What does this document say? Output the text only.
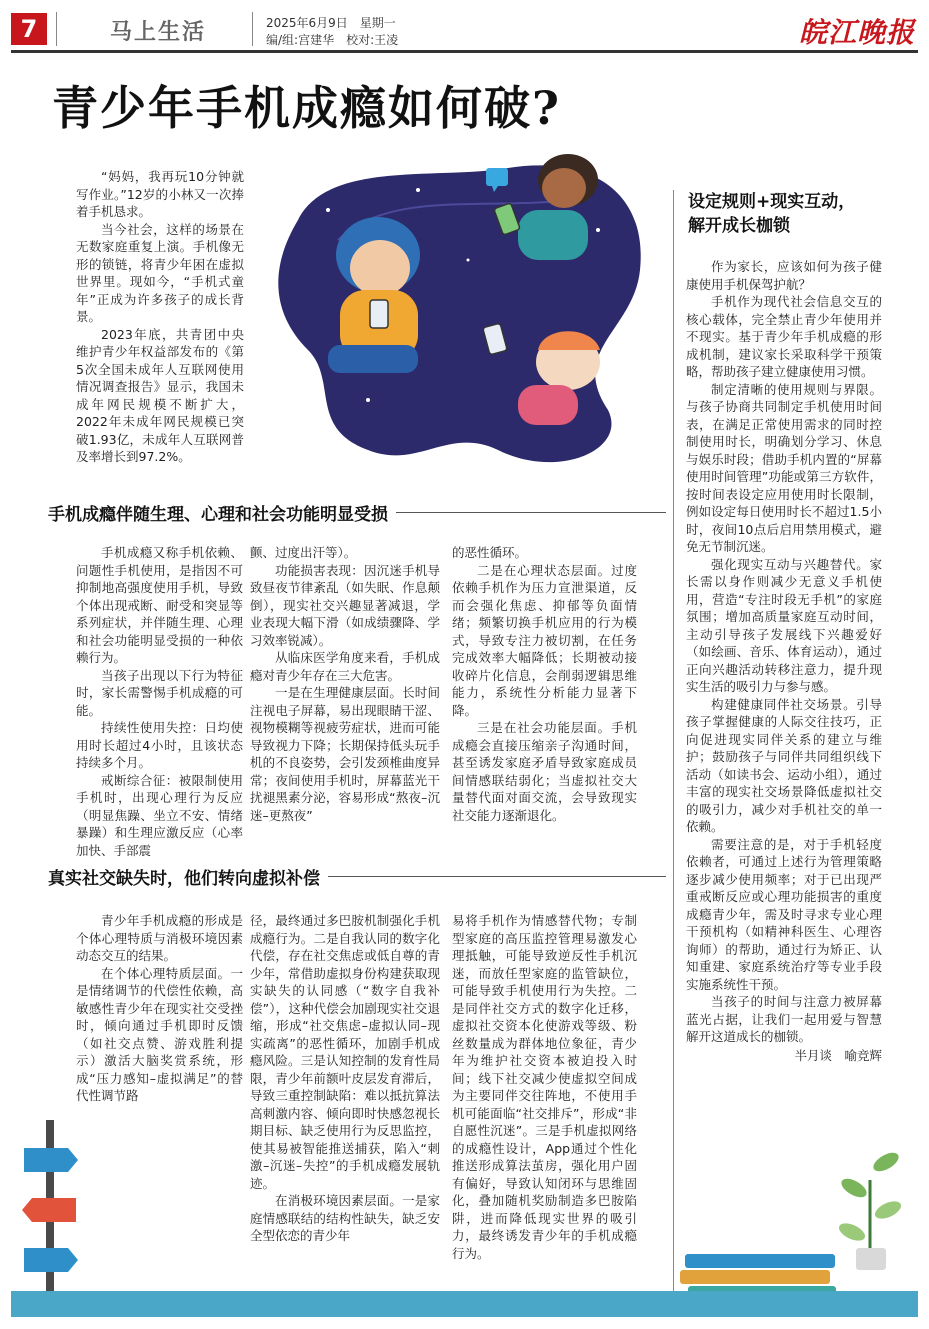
7	马上生活	2025年6月9日　星期一
编/组:宫建华　校对:王凌	皖江晚报
青少年手机成瘾如何破?

“妈妈，我再玩10分钟就写作业。”12岁的小林又一次捧着手机恳求。

当今社会，这样的场景在无数家庭重复上演。手机像无形的锁链，将青少年困在虚拟世界里。现如今，“手机式童年”正成为许多孩子的成长背景。

2023年底，共青团中央维护青少年权益部发布的《第5次全国未成年人互联网使用情况调查报告》显示，我国未成年网民规模不断扩大，2022年未成年网民规模已突破1.93亿，未成年人互联网普及率增长到97.2%。

手机成瘾伴随生理、心理和社会功能明显受损

手机成瘾又称手机依赖、问题性手机使用，是指因不可抑制地高强度使用手机，导致个体出现戒断、耐受和突显等系列症状，并伴随生理、心理和社会功能明显受损的一种依赖行为。

当孩子出现以下行为特征时，家长需警惕手机成瘾的可能。

持续性使用失控：日均使用时长超过4小时，且该状态持续多个月。

戒断综合征：被限制使用手机时，出现心理行为反应（明显焦躁、坐立不安、情绪暴躁）和生理应激反应（心率加快、手部震

颤、过度出汗等）。

功能损害表现：因沉迷手机导致昼夜节律紊乱（如失眠、作息颠倒），现实社交兴趣显著减退，学业表现大幅下滑（如成绩骤降、学习效率锐减）。

从临床医学角度来看，手机成瘾对青少年存在三大危害。

一是在生理健康层面。长时间注视电子屏幕，易出现眼睛干涩、视物模糊等视疲劳症状，进而可能导致视力下降；长期保持低头玩手机的不良姿势，会引发颈椎曲度异常；夜间使用手机时，屏幕蓝光干扰褪黑素分泌，容易形成“熬夜–沉迷–更熬夜”

的恶性循环。

二是在心理状态层面。过度依赖手机作为压力宣泄渠道，反而会强化焦虑、抑郁等负面情绪；频繁切换手机应用的行为模式，导致专注力被切割，在任务完成效率大幅降低；长期被动接收碎片化信息，会削弱逻辑思维能力，系统性分析能力显著下降。

三是在社会功能层面。手机成瘾会直接压缩亲子沟通时间，甚至诱发家庭矛盾导致家庭成员间情感联结弱化；当虚拟社交大量替代面对面交流，会导致现实社交能力逐渐退化。

真实社交缺失时，他们转向虚拟补偿

青少年手机成瘾的形成是个体心理特质与消极环境因素动态交互的结果。

在个体心理特质层面。一是情绪调节的代偿性依赖，高敏感性青少年在现实社交受挫时，倾向通过手机即时反馈（如社交点赞、游戏胜利提示）激活大脑奖赏系统，形成“压力感知–虚拟满足”的替代性调节路

径，最终通过多巴胺机制强化手机成瘾行为。二是自我认同的数字化代偿，存在社交焦虑或低自尊的青少年，常借助虚拟身份构建获取现实缺失的认同感（“数字自我补偿”），这种代偿会加剧现实社交退缩，形成“社交焦虑–虚拟认同–现实疏离”的恶性循环，加剧手机成瘾风险。三是认知控制的发育性局限，青少年前额叶皮层发育滞后，导致三重控制缺陷：难以抵抗算法高刺激内容、倾向即时快感忽视长期目标、缺乏使用行为反思监控，使其易被智能推送捕获，陷入“刺激–沉迷–失控”的手机成瘾发展轨迹。

在消极环境因素层面。一是家庭情感联结的结构性缺失，缺乏安全型依恋的青少年

易将手机作为情感替代物；专制型家庭的高压监控管理易激发心理抵触，可能导致逆反性手机沉迷，而放任型家庭的监管缺位，可能导致手机使用行为失控。二是同伴社交方式的数字化迁移，虚拟社交资本化使游戏等级、粉丝数量成为群体地位象征，青少年为维护社交资本被迫投入时间；线下社交减少使虚拟空间成为主要同伴交往阵地，不使用手机可能面临“社交排斥”，形成“非自愿性沉迷”。三是手机虚拟网络的成瘾性设计，App通过个性化推送形成算法茧房，强化用户固有偏好，导致认知闭环与思维固化，叠加随机奖励制造多巴胺陷阱，进而降低现实世界的吸引力，最终诱发青少年的手机成瘾行为。

设定规则+现实互动，
解开成长枷锁

作为家长，应该如何为孩子健康使用手机保驾护航？

手机作为现代社会信息交互的核心载体，完全禁止青少年使用并不现实。基于青少年手机成瘾的形成机制，建议家长采取科学干预策略，帮助孩子建立健康使用习惯。

制定清晰的使用规则与界限。与孩子协商共同制定手机使用时间表，在满足正常使用需求的同时控制使用时长，明确划分学习、休息与娱乐时段；借助手机内置的“屏幕使用时间管理”功能或第三方软件，按时间表设定应用使用时长限制，例如设定每日使用时长不超过1.5小时，夜间10点后启用禁用模式，避免无节制沉迷。

强化现实互动与兴趣替代。家长需以身作则减少无意义手机使用，营造“专注时段无手机”的家庭氛围；增加高质量家庭互动时间，主动引导孩子发展线下兴趣爱好（如绘画、音乐、体育运动），通过正向兴趣活动转移注意力，提升现实生活的吸引力与参与感。

构建健康同伴社交场景。引导孩子掌握健康的人际交往技巧，正向促进现实同伴关系的建立与维护；鼓励孩子与同伴共同组织线下活动（如读书会、运动小组），通过丰富的现实社交场景降低虚拟社交的吸引力，减少对手机社交的单一依赖。

需要注意的是，对于手机轻度依赖者，可通过上述行为管理策略逐步减少使用频率；对于已出现严重戒断反应或心理功能损害的重度成瘾青少年，需及时寻求专业心理干预机构（如精神科医生、心理咨询师）的帮助，通过行为矫正、认知重建、家庭系统治疗等专业手段实施系统性干预。

当孩子的时间与注意力被屏幕蓝光占据，让我们一起用爱与智慧解开这道成长的枷锁。

半月谈　喻竞辉
